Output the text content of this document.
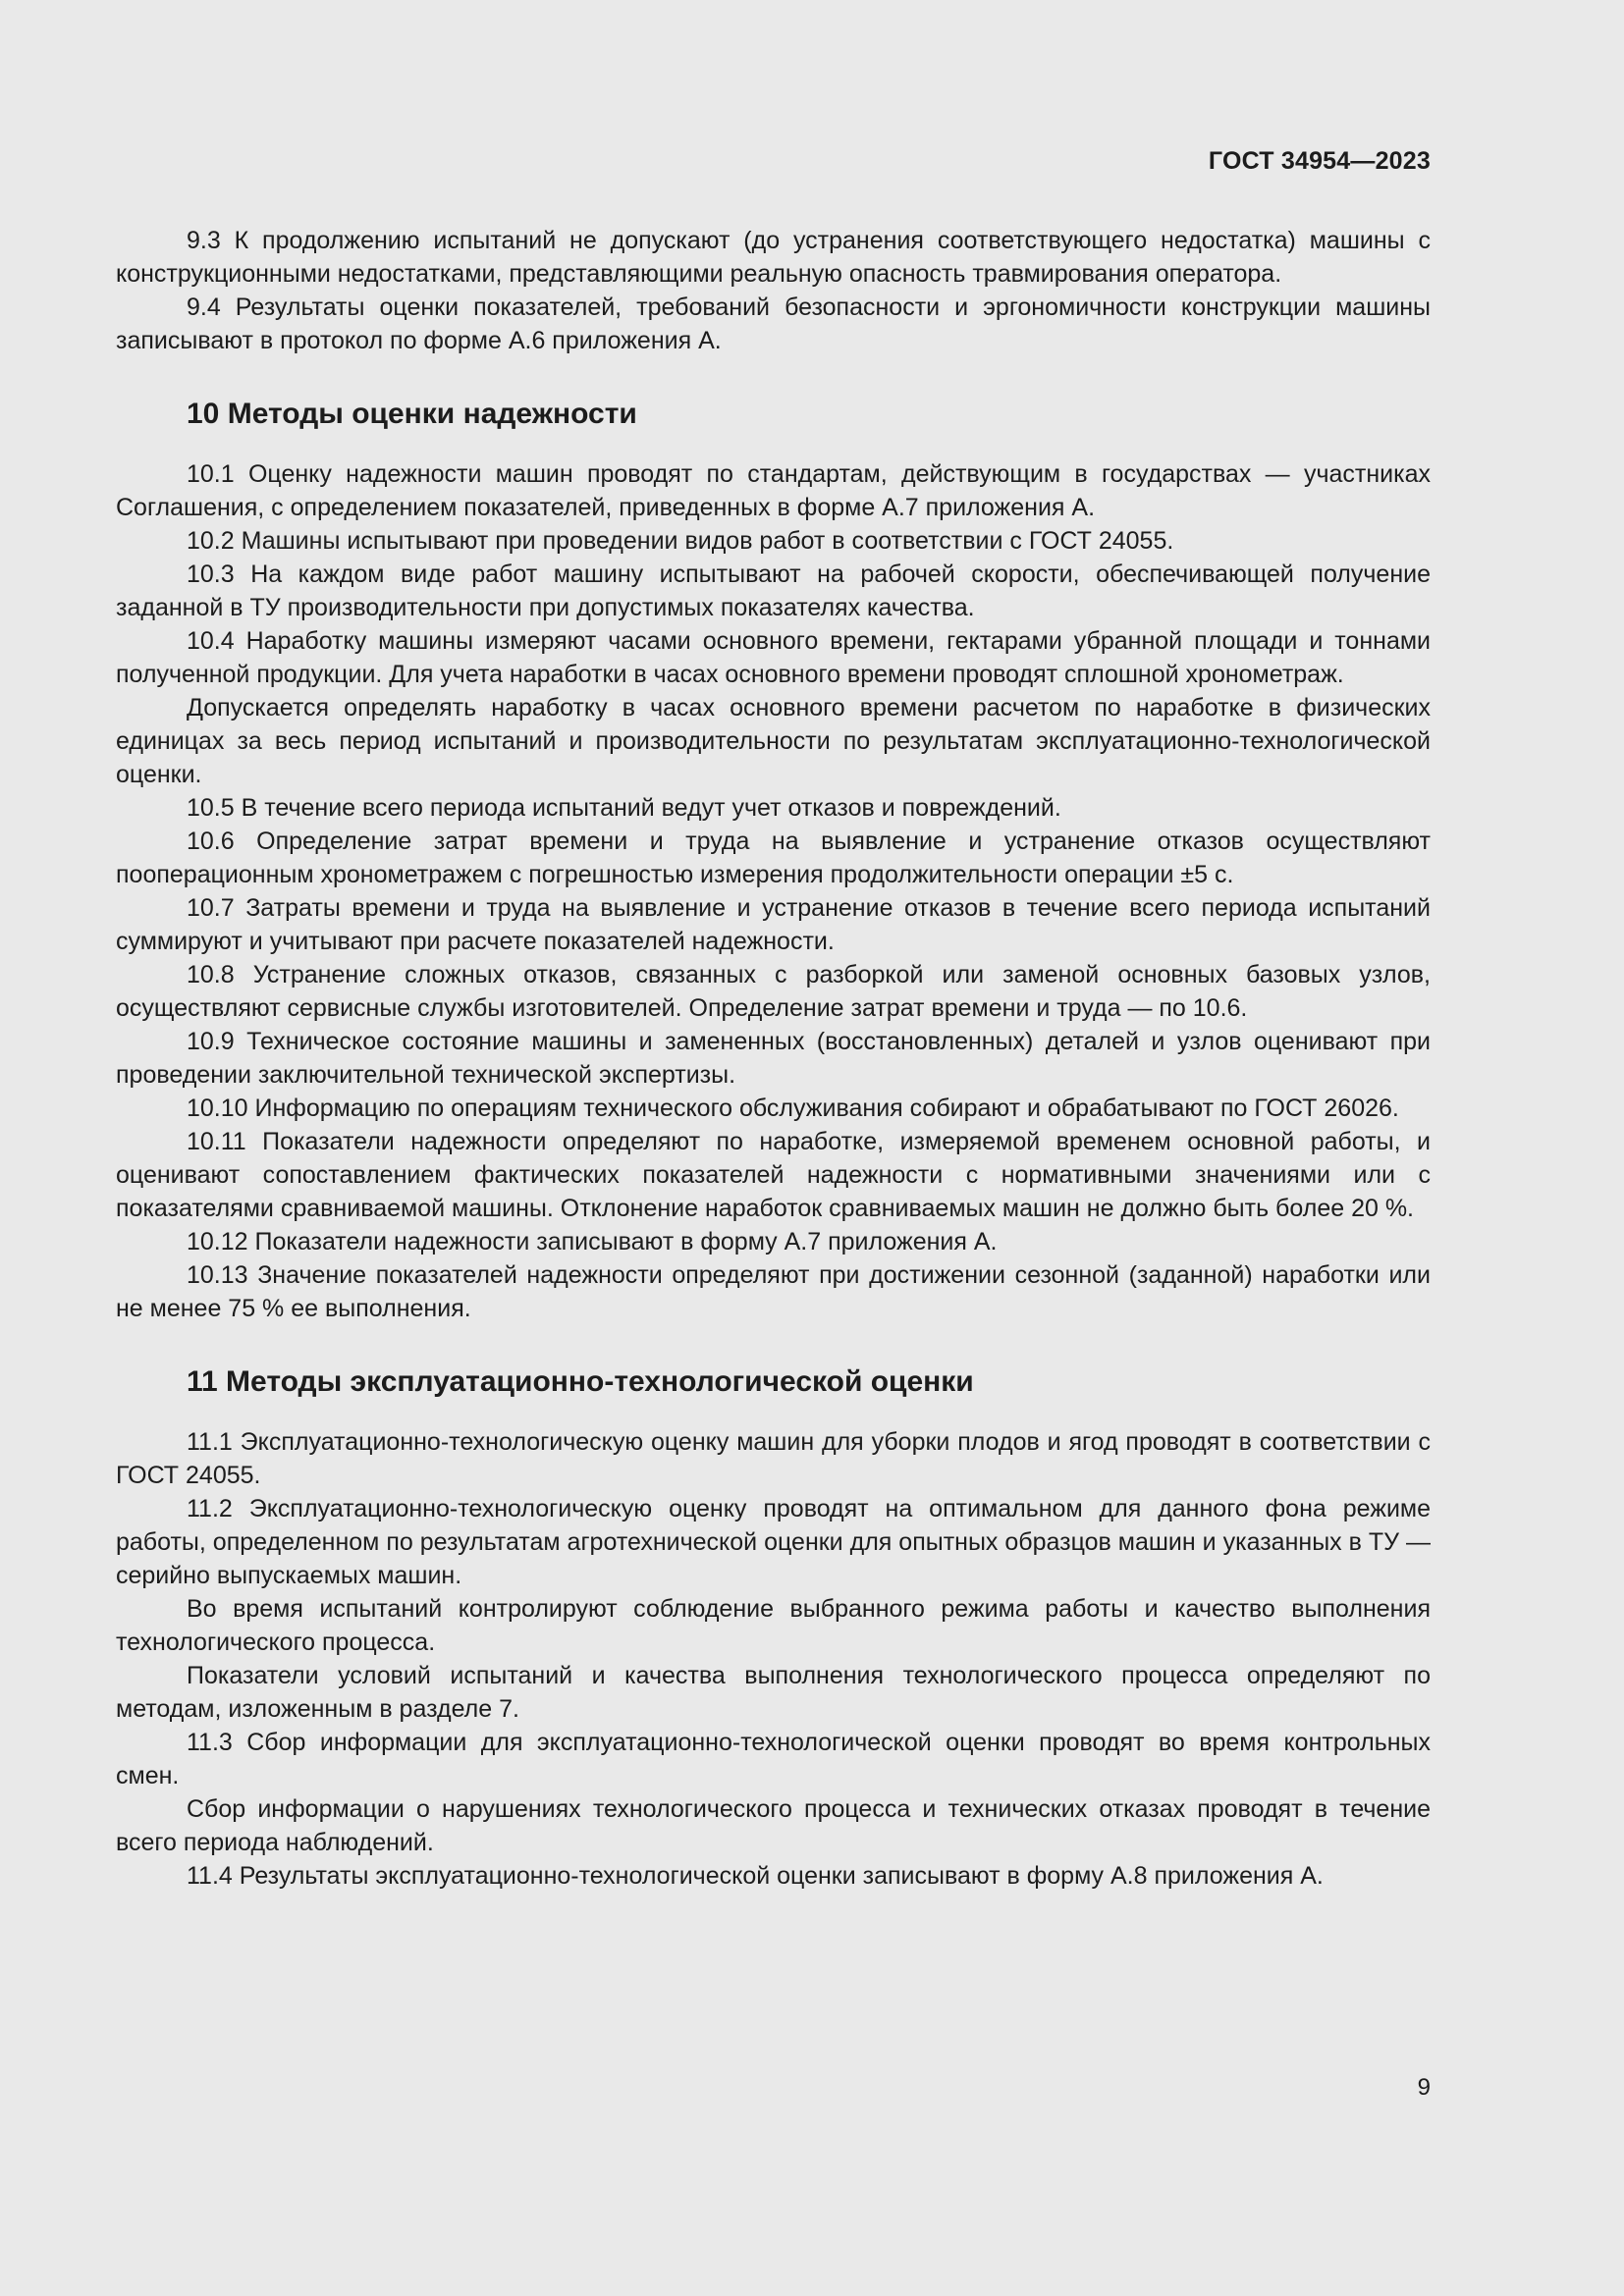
ГОСТ 34954—2023

9.3 К продолжению испытаний не допускают (до устранения соответствующего недостатка) машины с конструкционными недостатками, представляющими реальную опасность травмирования оператора.

9.4 Результаты оценки показателей, требований безопасности и эргономичности конструкции машины записывают в протокол по форме А.6 приложения А.

10 Методы оценки надежности

10.1 Оценку надежности машин проводят по стандартам, действующим в государствах — участниках Соглашения, с определением показателей, приведенных в форме А.7 приложения А.

10.2 Машины испытывают при проведении видов работ в соответствии с ГОСТ 24055.

10.3 На каждом виде работ машину испытывают на рабочей скорости, обеспечивающей получение заданной в ТУ производительности при допустимых показателях качества.

10.4 Наработку машины измеряют часами основного времени, гектарами убранной площади и тоннами полученной продукции. Для учета наработки в часах основного времени проводят сплошной хронометраж.

Допускается определять наработку в часах основного времени расчетом по наработке в физических единицах за весь период испытаний и производительности по результатам эксплуатационно-технологической оценки.

10.5 В течение всего периода испытаний ведут учет отказов и повреждений.

10.6 Определение затрат времени и труда на выявление и устранение отказов осуществляют пооперационным хронометражем с погрешностью измерения продолжительности операции ±5 с.

10.7 Затраты времени и труда на выявление и устранение отказов в течение всего периода испытаний суммируют и учитывают при расчете показателей надежности.

10.8 Устранение сложных отказов, связанных с разборкой или заменой основных базовых узлов, осуществляют сервисные службы изготовителей. Определение затрат времени и труда — по 10.6.

10.9 Техническое состояние машины и замененных (восстановленных) деталей и узлов оценивают при проведении заключительной технической экспертизы.

10.10 Информацию по операциям технического обслуживания собирают и обрабатывают по ГОСТ 26026.

10.11 Показатели надежности определяют по наработке, измеряемой временем основной работы, и оценивают сопоставлением фактических показателей надежности с нормативными значениями или с показателями сравниваемой машины. Отклонение наработок сравниваемых машин не должно быть более 20 %.

10.12 Показатели надежности записывают в форму А.7 приложения А.

10.13 Значение показателей надежности определяют при достижении сезонной (заданной) наработки или не менее 75 % ее выполнения.

11 Методы эксплуатационно-технологической оценки

11.1 Эксплуатационно-технологическую оценку машин для уборки плодов и ягод проводят в соответствии с ГОСТ 24055.

11.2 Эксплуатационно-технологическую оценку проводят на оптимальном для данного фона режиме работы, определенном по результатам агротехнической оценки для опытных образцов машин и указанных в ТУ — серийно выпускаемых машин.

Во время испытаний контролируют соблюдение выбранного режима работы и качество выполнения технологического процесса.

Показатели условий испытаний и качества выполнения технологического процесса определяют по методам, изложенным в разделе 7.

11.3 Сбор информации для эксплуатационно-технологической оценки проводят во время контрольных смен.

Сбор информации о нарушениях технологического процесса и технических отказах проводят в течение всего периода наблюдений.

11.4 Результаты эксплуатационно-технологической оценки записывают в форму А.8 приложения А.

9
